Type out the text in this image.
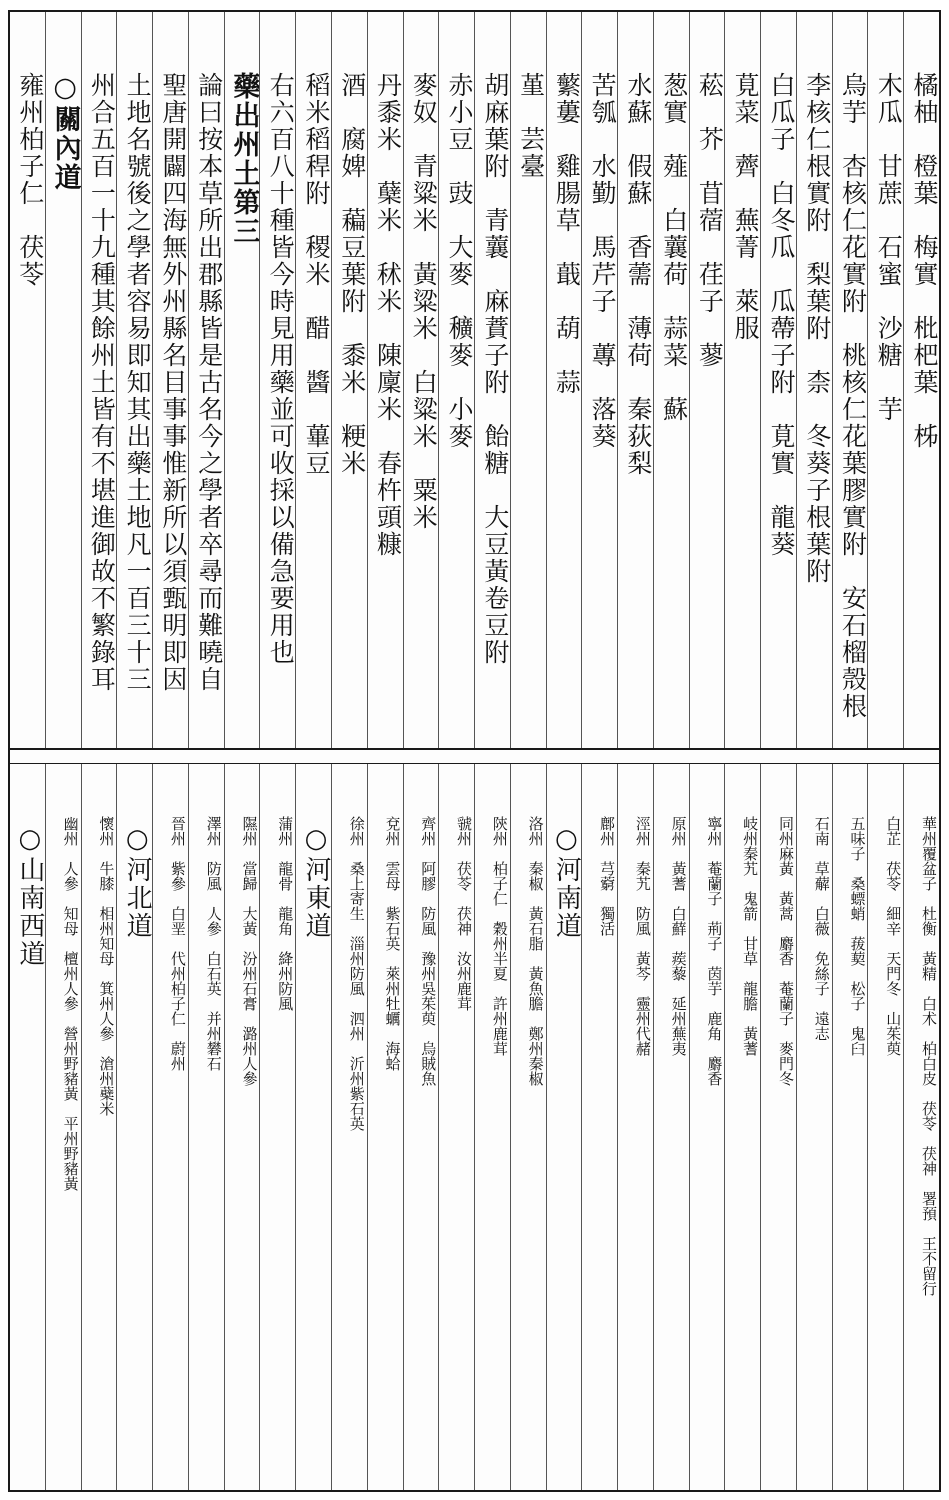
橘柚　橙葉　梅實　枇杷葉　柹
木瓜　甘蔗　石蜜　沙糖　芋
烏芋　杏核仁花實附　桃核仁花葉膠實附　安石榴殼根
李核仁根實附　梨葉附　柰　冬葵子根葉附
白瓜子　白冬瓜　瓜蔕子附　莧實　龍葵
莧菜　薺　蕪菁　萊服
菘　芥　苜蓿　荏子　蓼
葱實　薤　白蘘荷　蒜菜　蘇
水蘇　假蘇　香薷　薄荷　秦荻梨
苦瓠　水勤　馬芹子　蓴　落葵
蘩蔞　雞腸草　蕺　葫　蒜
堇　芸臺
胡麻葉附　青蘘　麻蕡子附　飴糖　大豆黃卷豆附
赤小豆　豉　大麥　穬麥　小麥
麥奴　青粱米　黃粱米　白粱米　粟米
丹黍米　蘖米　秫米　陳廩米　春杵頭糠
酒　腐婢　藊豆葉附　黍米　粳米
稻米稻稈附　稷米　醋　醬　蓽豆
右六百八十種皆今時見用藥並可收採以備急要用也
藥出州土第三
論曰按本草所出郡縣皆是古名今之學者卒尋而難曉自
聖唐開闢四海無外州縣名目事事惟新所以須甄明即因
土地名號後之學者容易即知其出藥土地凡一百三十三
州合五百一十九種其餘州土皆有不堪進御故不繁錄耳
○關內道
雍州柏子仁　茯苓
華州覆盆子　杜衡　黃精　白术　柏白皮　茯苓　茯神　署預　王不留行
白芷　茯苓　細辛　天門冬　山茱萸
五味子　桑螵蛸　菝葜　松子　鬼臼
石南　草薢　白薇　免絲子　遠志
同州麻黃　黃蒿　麝香　菴蘭子　麥門冬
岐州秦艽　鬼箭　甘草　龍膽　黃蓍
寧州　菴蘭子　荊子　茵芋　鹿角　麝香
原州　黃蓍　白蘚　蒺藜　延州蕪夷
涇州　秦艽　防風　黃芩　靈州代赭
鄜州　芎藭　獨活
○河南道
洛州　秦椒　黃石脂　黃魚膽　鄭州秦椒
陝州　柏子仁　穀州半夏　許州鹿茸
虢州　茯苓　茯神　汝州鹿茸
齊州　阿膠　防風　豫州吳茱萸　烏賊魚
兗州　雲母　紫石英　萊州牡蠣　海蛤
徐州　桑上寄生　淄州防風　泗州　沂州紫石英
○河東道
蒲州　龍骨　龍角　絳州防風
隰州　當歸　大黃　汾州石膏　潞州人參
澤州　防風　人參　白石英　并州礬石
晉州　紫參　白垩　代州柏子仁　蔚州
○河北道
懷州　牛膝　相州知母　箕州人參　滄州蘗米
幽州　人參　知母　檀州人參　營州野豬黃　平州野豬黃
○山南西道
